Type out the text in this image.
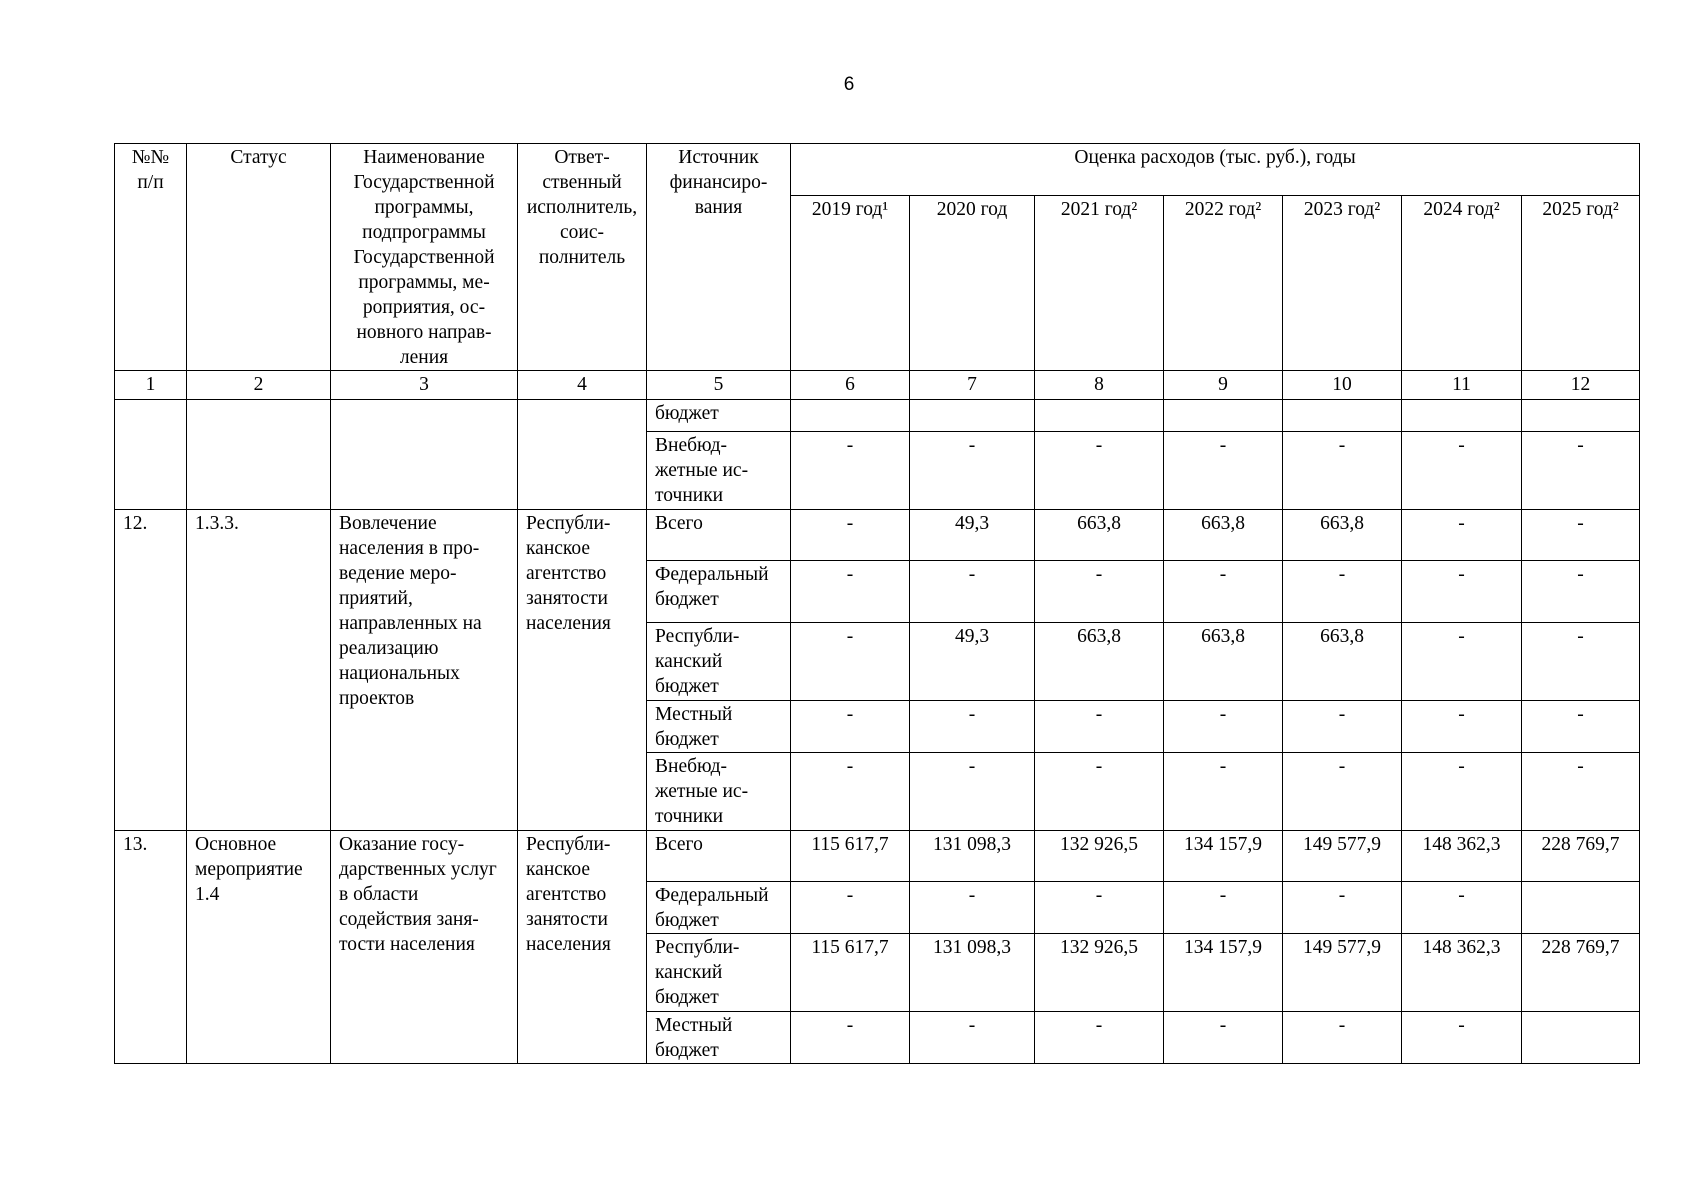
6
№№ п/п	Статус	Наименование Государственной программы, подпрограммы Государственной программы, мероприятия, основного направления	Ответственный исполнитель, соисполнитель	Источник финансирования	Оценка расходов (тыс. руб.), годы						
					2019 год¹	2020 год	2021 год²	2022 год²	2023 год²	2024 год²	2025 год²
1	2	3	4	5	6	7	8	9	10	11	12
				бюджет							
				Внебюджетные источники	-	-	-	-	-	-	-
12.	1.3.3.	Вовлечение населения в проведение мероприятий, направленных на реализацию национальных проектов	Республиканское агентство занятости населения	Всего	-	49,3	663,8	663,8	663,8	-	-
				Федеральный бюджет	-	-	-	-	-	-	-
				Республиканский бюджет	-	49,3	663,8	663,8	663,8	-	-
				Местный бюджет	-	-	-	-	-	-	-
				Внебюджетные источники	-	-	-	-	-	-	-
13.	Основное мероприятие 1.4	Оказание государственных услуг в области содействия занятости населения	Республиканское агентство занятости населения	Всего	115 617,7	131 098,3	132 926,5	134 157,9	149 577,9	148 362,3	228 769,7
				Федеральный бюджет	-	-	-	-	-	-	
				Республиканский бюджет	115 617,7	131 098,3	132 926,5	134 157,9	149 577,9	148 362,3	228 769,7
				Местный бюджет	-	-	-	-	-	-	
